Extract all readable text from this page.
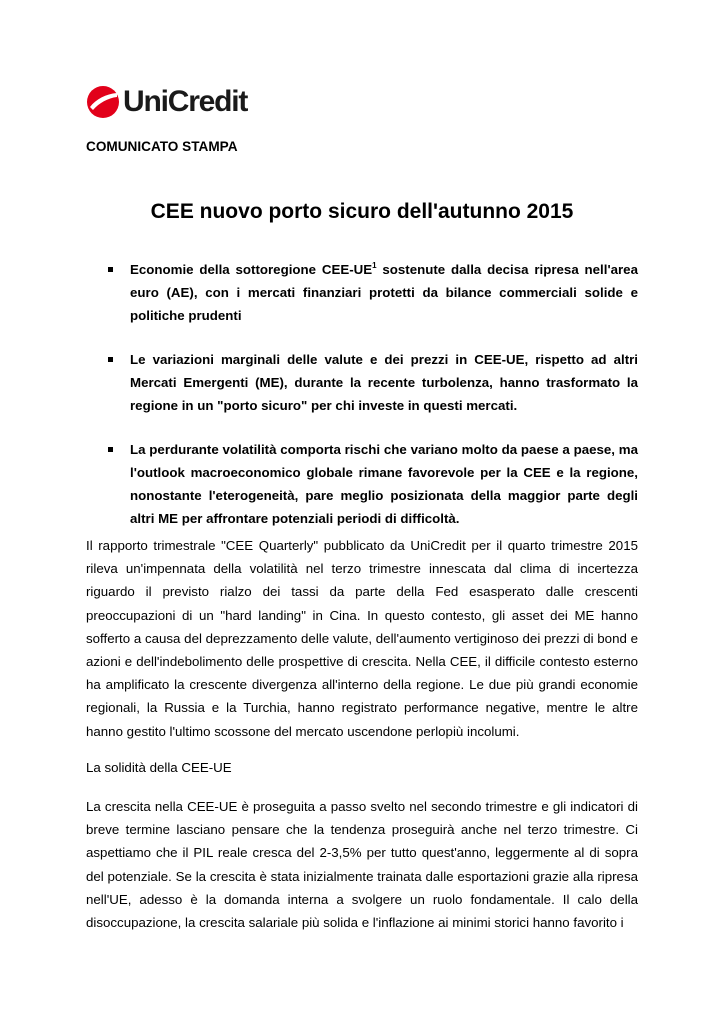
UniCredit
COMUNICATO STAMPA
CEE nuovo porto sicuro dell'autunno 2015
Economie della sottoregione CEE-$UE^1$ sostenute dalla decisa ripresa nell'area euro (AE), con i mercati finanziari protetti da bilance commerciali solide e politiche prudenti
Le variazioni marginali delle valute e dei prezzi in CEE-UE, rispetto ad altri Mercati Emergenti (ME), durante la recente turbolenza, hanno trasformato la regione in un "porto sicuro" per chi investe in questi mercati.
La perdurante volatilità comporta rischi che variano molto da paese a paese, ma l'outlook macroeconomico globale rimane favorevole per la CEE e la regione, nonostante l'eterogeneità, pare meglio posizionata della maggior parte degli altri ME per affrontare potenziali periodi di difficoltà.

Il rapporto trimestrale "CEE Quarterly" pubblicato da UniCredit per il quarto trimestre 2015 rileva un'impennata della volatilità nel terzo trimestre innescata dal clima di incertezza riguardo il previsto rialzo dei tassi da parte della Fed esasperato dalle crescenti preoccupazioni di un "hard landing" in Cina. In questo contesto, gli asset dei ME hanno sofferto a causa del deprezzamento delle valute, dell'aumento vertiginoso dei prezzi di bond e azioni e dell'indebolimento delle prospettive di crescita. Nella CEE, il difficile contesto esterno ha amplificato la crescente divergenza all'interno della regione. Le due più grandi economie regionali, la Russia e la Turchia, hanno registrato performance negative, mentre le altre hanno gestito l'ultimo scossone del mercato uscendone perlopiù incolumi.

La solidità della CEE-UE

La crescita nella CEE-UE è proseguita a passo svelto nel secondo trimestre e gli indicatori di breve termine lasciano pensare che la tendenza proseguirà anche nel terzo trimestre. Ci aspettiamo che il PIL reale cresca del 2-3,5% per tutto quest'anno, leggermente al di sopra del potenziale. Se la crescita è stata inizialmente trainata dalle esportazioni grazie alla ripresa nell'UE, adesso è la domanda interna a svolgere un ruolo fondamentale. Il calo della disoccupazione, la crescita salariale più solida e l'inflazione ai minimi storici hanno favorito i
